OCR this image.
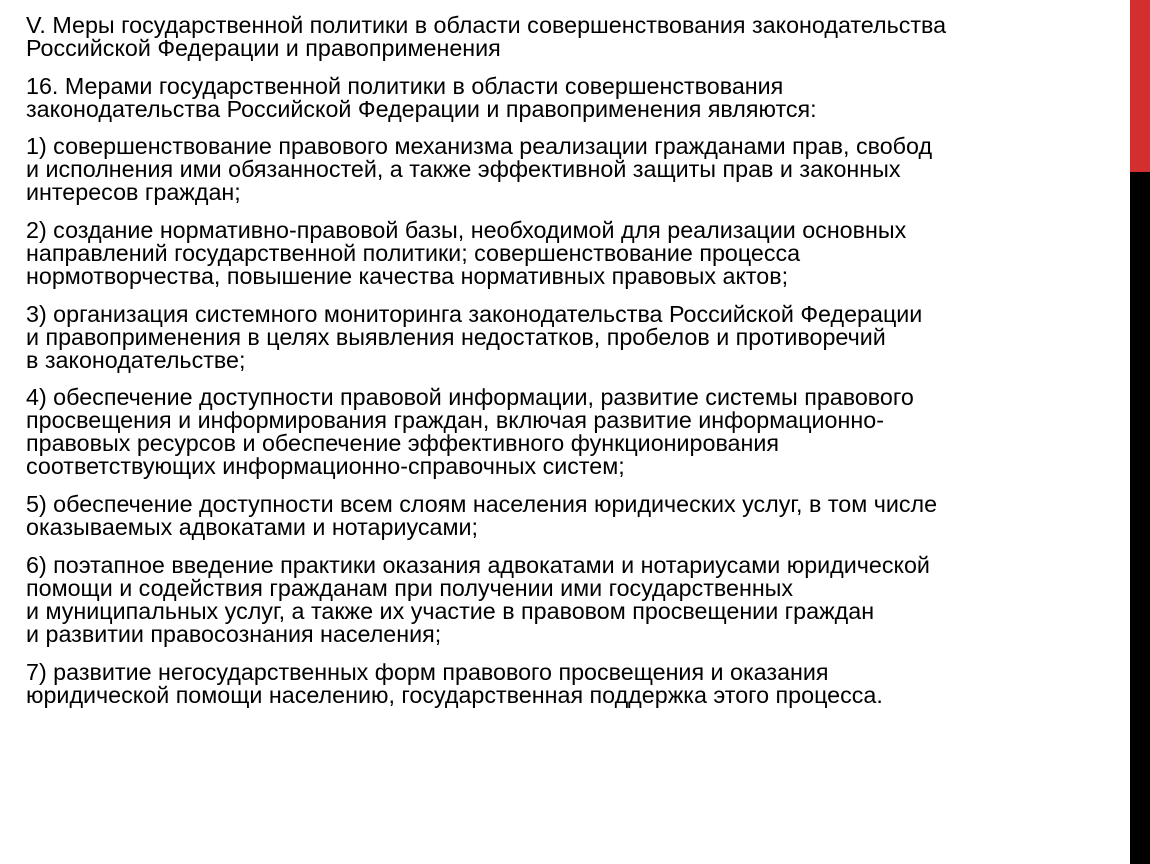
V. Меры государственной политики в области совершенствования законодательства
Российской Федерации и правоприменения

16. Мерами государственной политики в области совершенствования
законодательства Российской Федерации и правоприменения являются:

1) совершенствование правового механизма реализации гражданами прав, свобод
и исполнения ими обязанностей, а также эффективной защиты прав и законных
интересов граждан;

2) создание нормативно-правовой базы, необходимой для реализации основных
направлений государственной политики; совершенствование процесса
нормотворчества, повышение качества нормативных правовых актов;

3) организация системного мониторинга законодательства Российской Федерации
и правоприменения в целях выявления недостатков, пробелов и противоречий
в законодательстве;

4) обеспечение доступности правовой информации, развитие системы правового
просвещения и информирования граждан, включая развитие информационно-
правовых ресурсов и обеспечение эффективного функционирования
соответствующих информационно-справочных систем;

5) обеспечение доступности всем слоям населения юридических услуг, в том числе
оказываемых адвокатами и нотариусами;

6) поэтапное введение практики оказания адвокатами и нотариусами юридической
помощи и содействия гражданам при получении ими государственных
и муниципальных услуг, а также их участие в правовом просвещении граждан
и развитии правосознания населения;

7) развитие негосударственных форм правового просвещения и оказания
юридической помощи населению, государственная поддержка этого процесса.
